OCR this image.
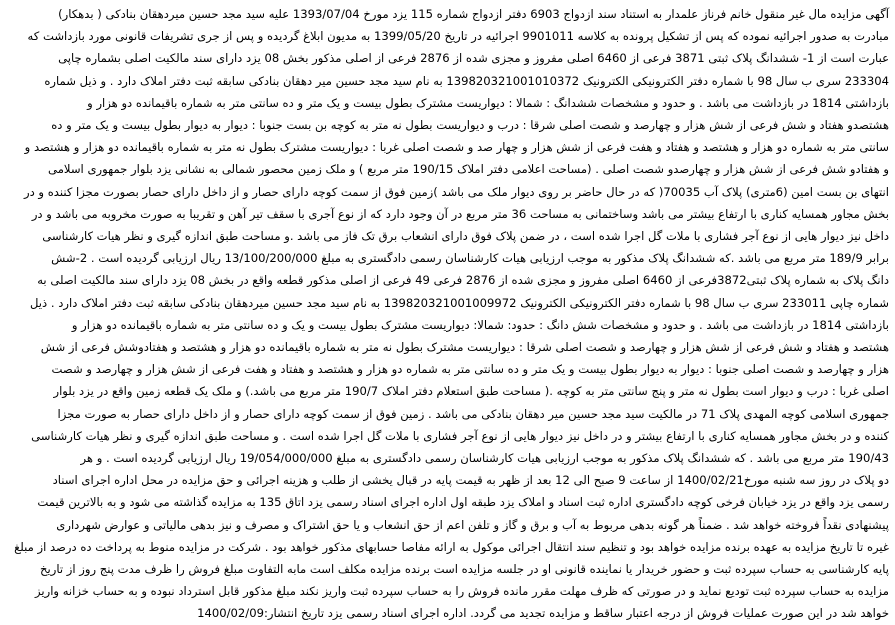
آگهی مزایده مال غیر منقول خانم فرناز علمدار به استناد سند ازدواج 6903 دفتر ازدواج شماره 115 یزد مورخ 1393/07/04 علیه سید مجد حسین میردهقان بنادکی ( بدهکار)
مبادرت به صدور اجرائیه نموده که پس از تشکیل پرونده به کلاسه 9901011 اجرائیه در تاریخ 1399/05/20 به مدیون ابلاغ گردیده و پس از جری تشریفات قانونی مورد بازداشت که
عبارت است از 1- ششدانگ پلاک ثبتی 3871 فرعی از 6460 اصلی مفروز و مجزی شده از 2876 فرعی از اصلی مذکور بخش 08 یزد دارای سند مالکیت اصلی بشماره چاپی
233304 سری ب سال 98 با شماره دفتر الکترونیکی الکترونیک 139820321001010372 به نام سید مجد حسین میر دهقان بنادکی سابقه ثبت دفتر املاک دارد . و ذیل شماره
بازداشتی 1814 در بازداشت می باشد . و حدود و مشخصات ششدانگ : شمالا : دیواریست مشترک بطول بیست و یک متر و ده سانتی متر به شماره باقیمانده دو هزار و
هشتصدو هفتاد و شش فرعی از شش هزار و چهارصد و شصت اصلی شرقا : درب و دیواریست بطول نه متر به کوچه بن بست جنوبا : دیوار به دیوار بطول بیست و یک متر و ده
سانتی متر به شماره دو هزار و هشتصد و هفتاد و هفت فرعی از شش هزار و چهار صد و شصت اصلی غربا : دیواریست مشترک بطول نه متر به شماره باقیمانده دو هزار و هشتصد و
و هفتادو شش فرعی از شش هزار و چهارصدو شصت اصلی . (مساحت اعلامی دفتر املاک 190/15 متر مربع ) و ملک زمین محصور شمالی به نشانی یزد بلوار جمهوری اسلامی
انتهای بن بست امین (6متری) پلاک آب 70035( که در حال حاضر بر روی دیوار ملک می باشد )زمین فوق از سمت کوچه دارای حصار و از داخل دارای حصار بصورت مجزا کننده و در
بخش مجاور همسایه کناری با ارتفاع بیشتر می باشد وساختمانی به مساحت 36 متر مربع در آن وجود دارد که از نوع آجری با سقف تیر آهن و تقریبا به صورت مخروبه می باشد و در
داخل نیز دیوار هایی از نوع آجر فشاری با ملات گل اجرا شده است ، در ضمن پلاک فوق دارای انشعاب برق تک فاز می باشد .و مساحت طبق اندازه گیری و نظر هیات کارشناسی
برابر 189/9 متر مربع می باشد .که ششدانگ پلاک مذکور به موجب ارزیابی هیات کارشناسان رسمی دادگستری به مبلغ 13/100/200/000 ریال ارزیابی گردیده است . 2-شش
دانگ پلاک به شماره پلاک ثبتی3872فرعی از 6460 اصلی مفروز و مجزی شده از 2876 فرعی 49 فرعی از اصلی مذکور قطعه واقع در بخش 08 یزد دارای سند مالکیت اصلی به
شماره چاپی 233011 سری ب سال 98 با شماره دفتر الکترونیکی الکترونیک 139820321001009972 به نام سید مجد حسین میردهقان بنادکی سابقه ثبت دفتر املاک دارد . ذیل
بازداشتی 1814 در بازداشت می باشد . و حدود و مشخصات شش دانگ : حدود: شمالا: دیواریست مشترک بطول بیست و یک و ده سانتی متر به شماره باقیمانده دو هزار و
هشتصد و هفتاد و شش فرعی از شش هزار و چهارصد و شصت اصلی شرقا : دیواریست مشترک بطول نه متر به شماره باقیمانده دو هزار و هشتصد و هفتادوشش فرعی از شش
هزار و چهارصد و شصت اصلی جنوبا : دیوار به دیوار بطول بیست و یک متر و ده سانتی متر به شماره دو هزار و هشتصد و هفتاد و هفت فرعی از شش هزار و چهارصد و شصت
اصلی غربا : درب و دیوار است بطول نه متر و پنج سانتی متر به کوچه .( مساحت طبق استعلام دفتر املاک 190/7 متر مربع می باشد.) و ملک یک قطعه زمین واقع در یزد بلوار
جمهوری اسلامی کوچه المهدی پلاک 71 در مالکیت سید مجد حسین میر دهقان بنادکی می باشد . زمین فوق از سمت کوچه دارای حصار و از داخل دارای حصار به صورت مجزا
کننده و در بخش مجاور همسایه کناری با ارتفاع بیشتر و در داخل نیز دیوار هایی از نوع آجر فشاری با ملات گل اجرا شده است . و مساحت طبق اندازه گیری و نظر هیات کارشناسی
190/43 متر مربع می باشد . که ششدانگ پلاک مذکور به موجب ارزیابی هیات کارشناسان رسمی دادگستری به مبلغ 19/054/000/000 ریال ارزیابی گردیده است . و هر
دو پلاک در روز سه شنبه مورخ1400/02/21 از ساعت 9 صبح الی 12 بعد از ظهر به قیمت پایه در قبال یخشی از طلب و هزینه اجرائی و حق مزایده در محل اداره اجرای اسناد
رسمی یزد واقع در یزد خیابان فرخی کوچه دادگستری اداره ثبت اسناد و املاک یزد طبقه اول اداره اجرای اسناد رسمی یزد اتاق 135 به مزایده گذاشته می شود و به بالاترین قیمت
پیشنهادی نقداً فروخته خواهد شد . ضمناً هر گونه بدهی مربوط به آب و برق و گاز و تلفن اعم از حق انشعاب و یا حق اشتراک و مصرف و نیز بدهی مالیاتی و عوارض شهرداری
غیره تا تاریخ مزایده به عهده برنده مزایده خواهد بود و تنظیم سند انتقال اجرائی موکول به ارائه مفاصا حسابهای مذکور خواهد بود . شرکت در مزایده منوط به پرداخت ده درصد از مبلغ
پایه کارشناسی به حساب سپرده ثبت و حضور خریدار یا نماینده قانونی او در جلسه مزایده است برنده مزایده مکلف است مابه التفاوت مبلغ فروش را ظرف مدت پنج روز از تاریخ
مزایده به حساب سپرده ثبت تودیع نماید و در صورتی که ظرف مهلت مقرر مانده فروش را به حساب سپرده ثبت واریز نکند مبلغ مذکور قابل استرداد نبوده و به حساب خزانه واریز
خواهد شد در این صورت عملیات فروش از درجه اعتبار ساقط و مزایده تجدید می گردد. اداره اجرای اسناد رسمی یزد تاریخ انتشار:1400/02/09
